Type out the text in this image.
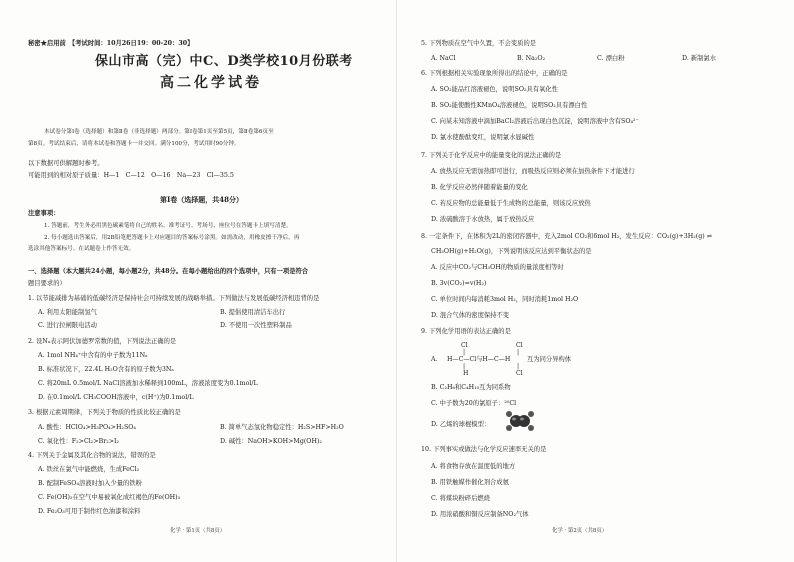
秘密★启用前　【考试时间：10月26日19：00-20：30】
保山市高（完）中C、D类学校10月份联考
高二化学试卷
本试卷分第Ⅰ卷（选择题）和第Ⅱ卷（非选择题）两部分。第Ⅰ卷第1页至第5页，第Ⅱ卷第6页至
第8页。考试结束后，请将本试卷和答题卡一并交回。满分100分，考试用时90分钟。
以下数据可供解题时参考。
可能用到的相对原子质量：H—1　C—12　O—16　Na—23　Cl—35.5
第Ⅰ卷（选择题，共48分）
注意事项：
1. 答题前，考生务必用黑色碳素笔将自己的姓名、准考证号、考场号、座位号在答题卡上填写清楚。
2. 每小题选出答案后，用2B铅笔把答题卡上对应题目的答案标号涂黑。如需改动，用橡皮擦干净后，再
选涂其他答案标号。在试题卷上作答无效。
一、选择题（本大题共24小题，每小题2分，共48分。在每小题给出的四个选项中，只有一项是符合
题目要求的）
1. 以节能减排为基础的低碳经济是保持社会可持续发展的战略举措。下列做法与发展低碳经济相违背的是
A. 利用太阳能制氢气	B. 提倡使用清洁车出行
C. 进行拉闸限电活动	D. 不使用一次性塑料制品
2. 设Nₐ表示阿伏加德罗常数的值，下列说法正确的是
A. 1mol NH₄⁺中含有的中子数为11Nₐ
B. 标准状况下，22.4L H₂O含有的原子数为3Nₐ
C. 将20mL 0.5mol/L NaCl溶液加水稀释到100mL，溶液浓度变为0.1mol/L
D. 在0.1mol/L CH₃COOH溶液中，c(H⁺)为0.1mol/L
3. 根据元素周期律，下列关于物质的性质比较正确的是
A. 酸性：HClO₄>H₃PO₄>H₂SO₄	B. 简单气态氢化物稳定性：H₂S>HF>H₂O
C. 氧化性：F₂>Cl₂>Br₂>I₂	D. 碱性：NaOH>KOH>Mg(OH)₂
4. 下列关于金属及其化合物的说法，错误的是
A. 铁丝在氯气中能燃烧，生成FeCl₂
B. 配制FeSO₄溶液时加入少量的铁粉
C. Fe(OH)₂在空气中易被氧化成红褐色的Fe(OH)₃
D. Fe₂O₃可用于制作红色油漆和涂料
化学 · 第1页（共8页）
5. 下列物质在空气中久置，不会变质的是
A. NaCl	B. Na₂O₂	C. 漂白粉	D. 新制氯水
6. 下列根据相关实验现象所得出的结论中，正确的是
A. SO₂能品红溶液褪色，说明SO₂具有氧化性
B. SO₂能使酸性KMnO₄溶液褪色，说明SO₂具有漂白性
C. 向某未知溶液中滴加BaCl₂溶液后出现白色沉淀，说明溶液中含有SO₄²⁻
D. 氯水使酚酞变红，说明氯水显碱性
7. 下列关于化学反应中的能量变化的说法正确的是
A. 放热反应无需加热即可进行，而吸热反应则必须在加热条件下才能进行
B. 化学反应必然伴随着能量的变化
C. 若反应物的总能量低于生成物的总能量，则该反应放热
D. 浓硫酸溶于水放热，属于放热反应
8. 一定条件下，在体积为2L的密闭容器中，充入2mol CO₂和6mol H₂，发生反应：CO₂(g)+3H₂(g) ⇌
CH₃OH(g)+H₂O(g)，下列说明该反应达到平衡状态的是
A. 反应中CO₂与CH₃OH的物质的量浓度相等时
B. 3v(CO₂)=v(H₂)
C. 单位时间内每消耗3mol H₂，同时消耗1mol H₂O
D. 混合气体的密度保持不变
9. 下列化学用语的表达正确的是
A.
Cl
|
H—C—Cl与H—C—H
|
H
Cl
|
|
Cl
互为同分异构体
B. C₂H₆和C₄H₁₀互为同系物
C. 中子数为20的氯原子：²⁰Cl
D. 乙烯的球棍模型：
10. 下列事实或做法与化学反应速率无关的是
A. 将食物存放在温度低的地方
B. 用铁触媒作催化剂合成氨
C. 将煤块粉碎后燃烧
D. 用浓硝酸和铜反应制备NO₂气体
化学 · 第2页（共8页）
